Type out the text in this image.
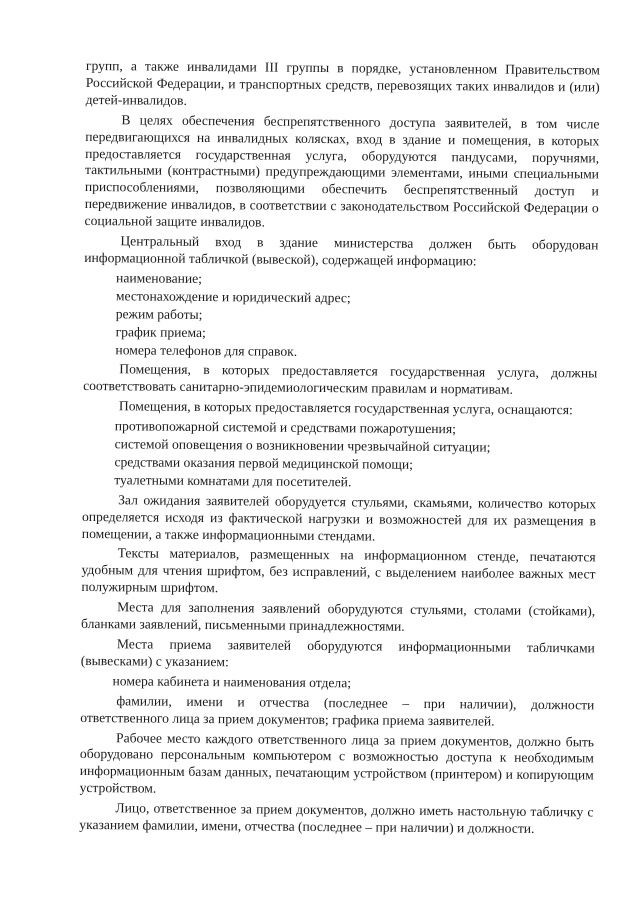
групп, а также инвалидами III группы в порядке, установленном Правительством Российской Федерации, и транспортных средств, перевозящих таких инвалидов и (или) детей-инвалидов.

В целях обеспечения беспрепятственного доступа заявителей, в том числе передвигающихся на инвалидных колясках, вход в здание и помещения, в которых предоставляется государственная услуга, оборудуются пандусами, поручнями, тактильными (контрастными) предупреждающими элементами, иными специальными приспособлениями, позволяющими обеспечить беспрепятственный доступ и передвижение инвалидов, в соответствии с законодательством Российской Федерации о социальной защите инвалидов.

Центральный вход в здание министерства должен быть оборудован информационной табличкой (вывеской), содержащей информацию:

наименование;

местонахождение и юридический адрес;

режим работы;

график приема;

номера телефонов для справок.

Помещения, в которых предоставляется государственная услуга, должны соответствовать санитарно-эпидемиологическим правилам и нормативам.

Помещения, в которых предоставляется государственная услуга, оснащаются:

противопожарной системой и средствами пожаротушения;

системой оповещения о возникновении чрезвычайной ситуации;

средствами оказания первой медицинской помощи;

туалетными комнатами для посетителей.

Зал ожидания заявителей оборудуется стульями, скамьями, количество которых определяется исходя из фактической нагрузки и возможностей для их размещения в помещении, а также информационными стендами.

Тексты материалов, размещенных на информационном стенде, печатаются удобным для чтения шрифтом, без исправлений, с выделением наиболее важных мест полужирным шрифтом.

Места для заполнения заявлений оборудуются стульями, столами (стойками), бланками заявлений, письменными принадлежностями.

Места приема заявителей оборудуются информационными табличками (вывесками) с указанием:

номера кабинета и наименования отдела;

фамилии, имени и отчества (последнее – при наличии), должности ответственного лица за прием документов; графика приема заявителей.

Рабочее место каждого ответственного лица за прием документов, должно быть оборудовано персональным компьютером с возможностью доступа к необходимым информационным базам данных, печатающим устройством (принтером) и копирующим устройством.

Лицо, ответственное за прием документов, должно иметь настольную табличку с указанием фамилии, имени, отчества (последнее – при наличии) и должности.
